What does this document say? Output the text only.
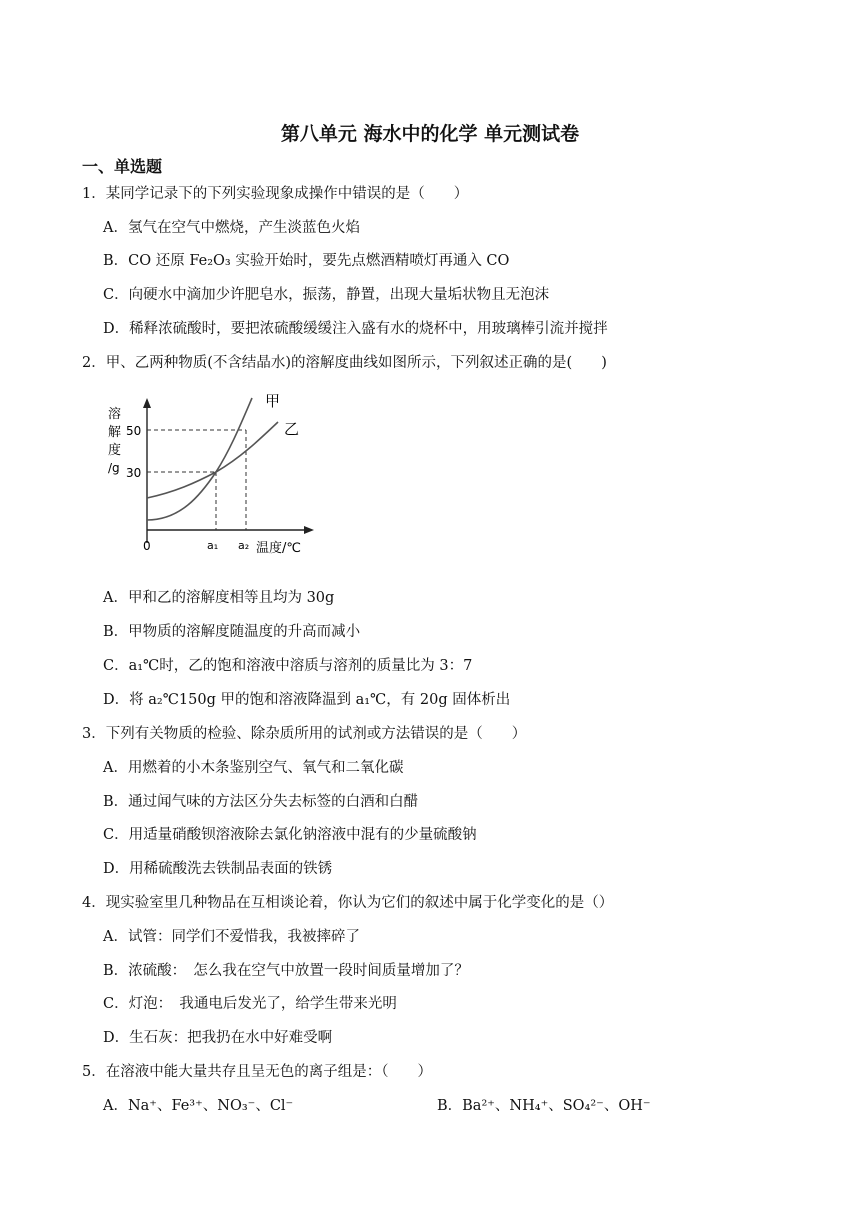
第八单元 海水中的化学 单元测试卷
一、单选题
1．某同学记录下的下列实验现象成操作中错误的是（　　）
A．氢气在空气中燃烧，产生淡蓝色火焰
B．CO 还原 Fe₂O₃ 实验开始时，要先点燃酒精喷灯再通入 CO
C．向硬水中滴加少许肥皂水，振荡，静置，出现大量垢状物且无泡沫
D．稀释浓硫酸时，要把浓硫酸缓缓注入盛有水的烧杯中，用玻璃棒引流并搅拌
2．甲、乙两种物质(不含结晶水)的溶解度曲线如图所示，下列叙述正确的是(　　)
溶
解
度
/g
50
30
0	a₁ a₂ 温度/℃
甲
乙
A．甲和乙的溶解度相等且均为 30g
B．甲物质的溶解度随温度的升高而减小
C．a₁℃时，乙的饱和溶液中溶质与溶剂的质量比为 3：7
D．将 a₂℃150g 甲的饱和溶液降温到 a₁℃，有 20g 固体析出
3．下列有关物质的检验、除杂质所用的试剂或方法错误的是（　　）
A．用燃着的小木条鉴别空气、氧气和二氧化碳
B．通过闻气味的方法区分失去标签的白酒和白醋
C．用适量硝酸钡溶液除去氯化钠溶液中混有的少量硫酸钠
D．用稀硫酸洗去铁制品表面的铁锈
4．现实验室里几种物品在互相谈论着，你认为它们的叙述中属于化学变化的是（）
A．试管：同学们不爱惜我，我被摔碎了
B．浓硫酸：　怎么我在空气中放置一段时间质量增加了？
C．灯泡：　我通电后发光了，给学生带来光明
D．生石灰：把我扔在水中好难受啊
5．在溶液中能大量共存且呈无色的离子组是：（　　）
A．Na⁺、Fe³⁺、NO₃⁻、Cl⁻	B．Ba²⁺、NH₄⁺、SO₄²⁻、OH⁻
